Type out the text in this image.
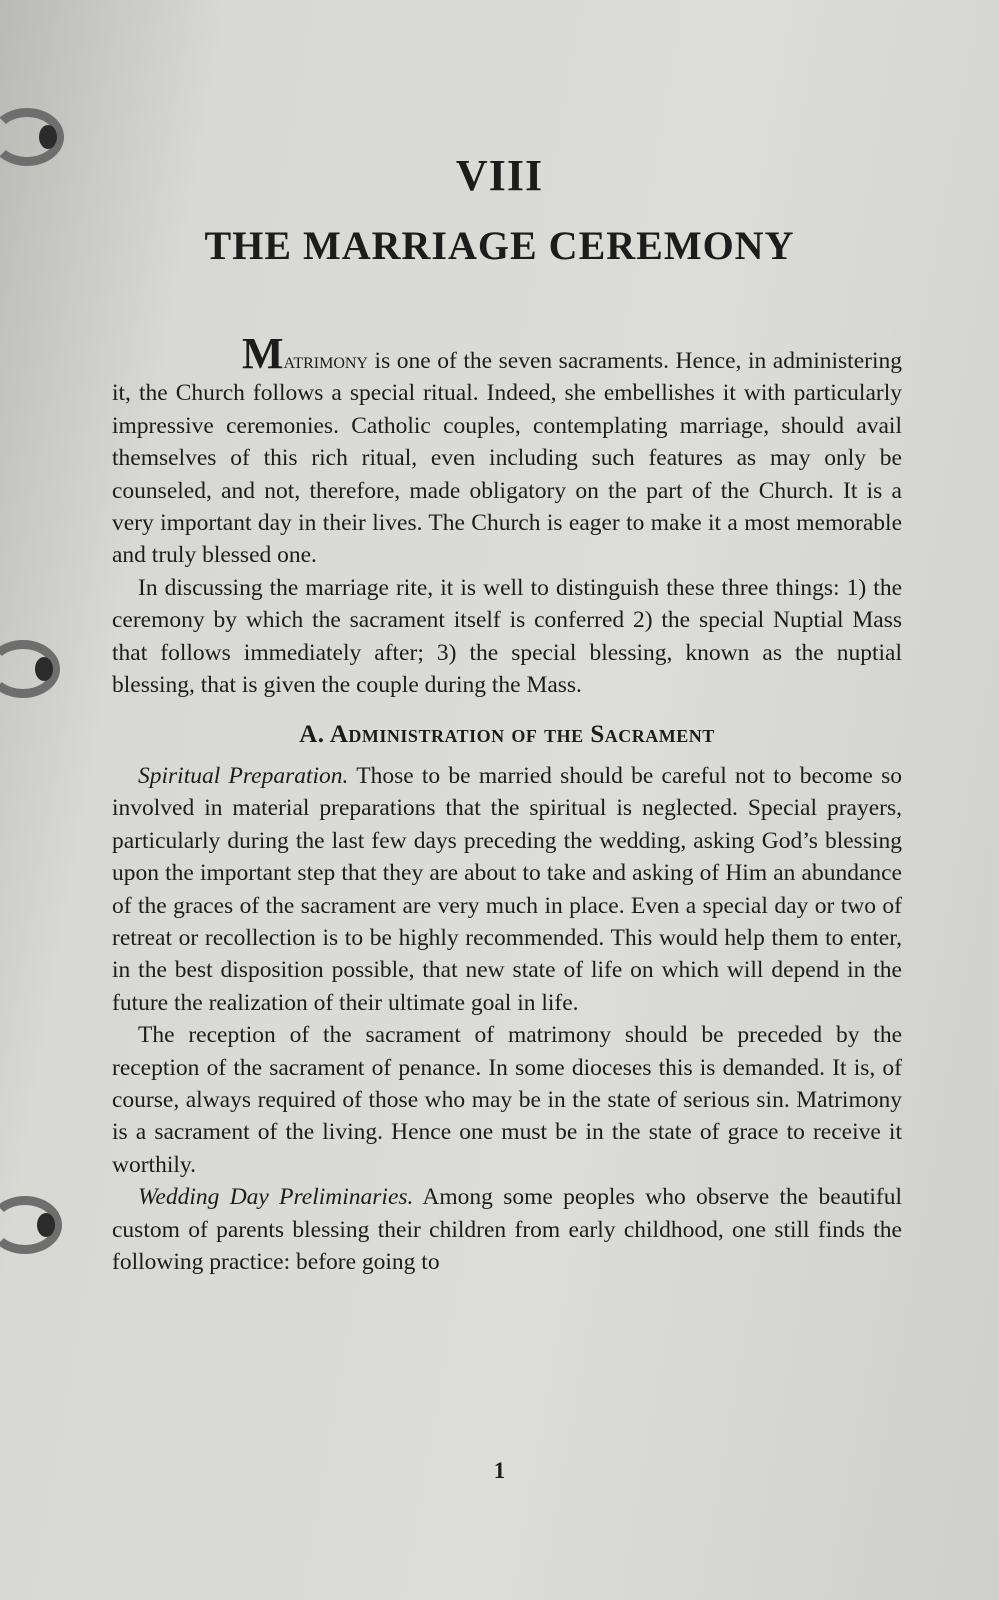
VIII
THE MARRIAGE CEREMONY

Matrimony is one of the seven sacraments. Hence, in administering it, the Church follows a special ritual. Indeed, she embellishes it with particularly impressive ceremonies. Catholic couples, contemplating marriage, should avail themselves of this rich ritual, even including such features as may only be counseled, and not, therefore, made obligatory on the part of the Church. It is a very important day in their lives. The Church is eager to make it a most memorable and truly blessed one.

In discussing the marriage rite, it is well to distinguish these three things: 1) the ceremony by which the sacrament itself is conferred 2) the special Nuptial Mass that follows immediately after; 3) the special blessing, known as the nuptial blessing, that is given the couple during the Mass.

A. Administration of the Sacrament

Spiritual Preparation. Those to be married should be careful not to become so involved in material preparations that the spiritual is neglected. Special prayers, particularly during the last few days preceding the wedding, asking God’s blessing upon the important step that they are about to take and asking of Him an abundance of the graces of the sacrament are very much in place. Even a special day or two of retreat or recollection is to be highly recommended. This would help them to enter, in the best disposition possible, that new state of life on which will depend in the future the realization of their ultimate goal in life.

The reception of the sacrament of matrimony should be preceded by the reception of the sacrament of penance. In some dioceses this is demanded. It is, of course, always required of those who may be in the state of serious sin. Matrimony is a sacrament of the living. Hence one must be in the state of grace to receive it worthily.

Wedding Day Preliminaries. Among some peoples who observe the beautiful custom of parents blessing their children from early childhood, one still finds the following practice: before going to

1
